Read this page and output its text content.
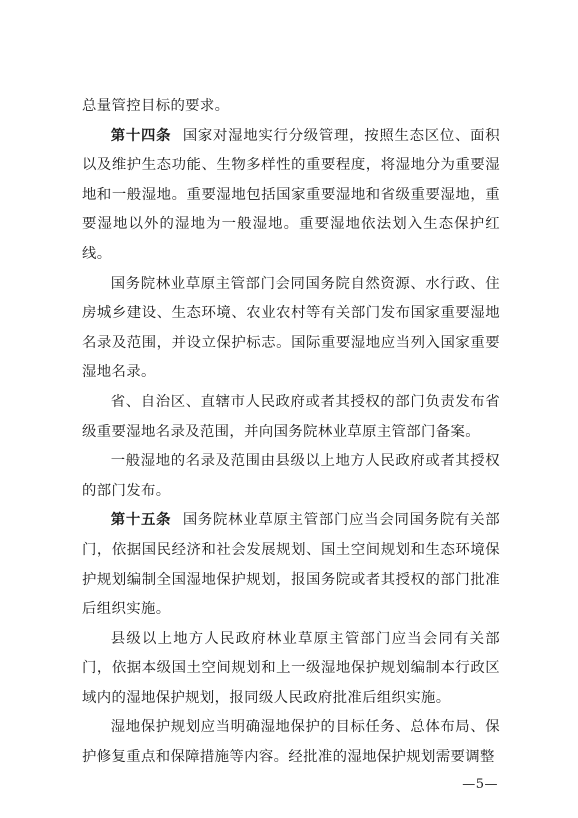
总量管控目标的要求。

第十四条 国家对湿地实行分级管理，按照生态区位、面积以及维护生态功能、生物多样性的重要程度，将湿地分为重要湿地和一般湿地。重要湿地包括国家重要湿地和省级重要湿地，重要湿地以外的湿地为一般湿地。重要湿地依法划入生态保护红线。

国务院林业草原主管部门会同国务院自然资源、水行政、住房城乡建设、生态环境、农业农村等有关部门发布国家重要湿地名录及范围，并设立保护标志。国际重要湿地应当列入国家重要湿地名录。

省、自治区、直辖市人民政府或者其授权的部门负责发布省级重要湿地名录及范围，并向国务院林业草原主管部门备案。

一般湿地的名录及范围由县级以上地方人民政府或者其授权的部门发布。

第十五条 国务院林业草原主管部门应当会同国务院有关部门，依据国民经济和社会发展规划、国土空间规划和生态环境保护规划编制全国湿地保护规划，报国务院或者其授权的部门批准后组织实施。

县级以上地方人民政府林业草原主管部门应当会同有关部门，依据本级国土空间规划和上一级湿地保护规划编制本行政区域内的湿地保护规划，报同级人民政府批准后组织实施。

湿地保护规划应当明确湿地保护的目标任务、总体布局、保护修复重点和保障措施等内容。经批准的湿地保护规划需要调整

—5—
